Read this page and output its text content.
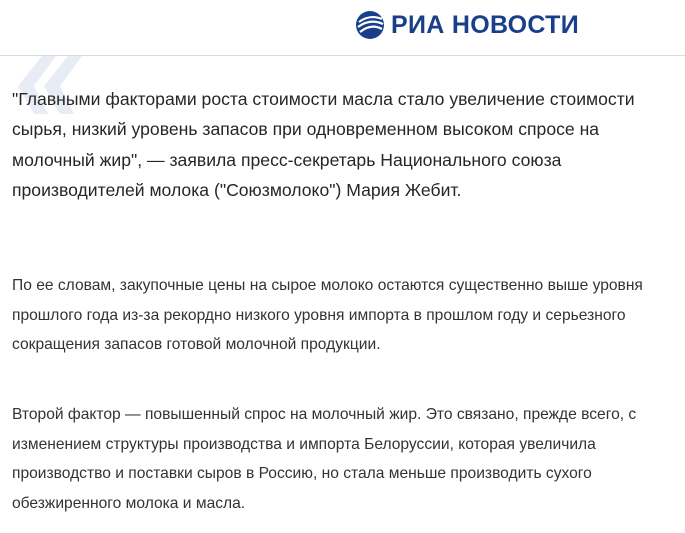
РИА НОВОСТИ

"Главными факторами роста стоимости масла стало увеличение стоимости сырья, низкий уровень запасов при одновременном высоком спросе на молочный жир", — заявила пресс-секретарь Национального союза производителей молока ("Союзмолоко") Мария Жебит.

По ее словам, закупочные цены на сырое молоко остаются существенно выше уровня прошлого года из-за рекордно низкого уровня импорта в прошлом году и серьезного сокращения запасов готовой молочной продукции.

Второй фактор — повышенный спрос на молочный жир. Это связано, прежде всего, с изменением структуры производства и импорта Белоруссии, которая увеличила производство и поставки сыров в Россию, но стала меньше производить сухого обезжиренного молока и масла.
